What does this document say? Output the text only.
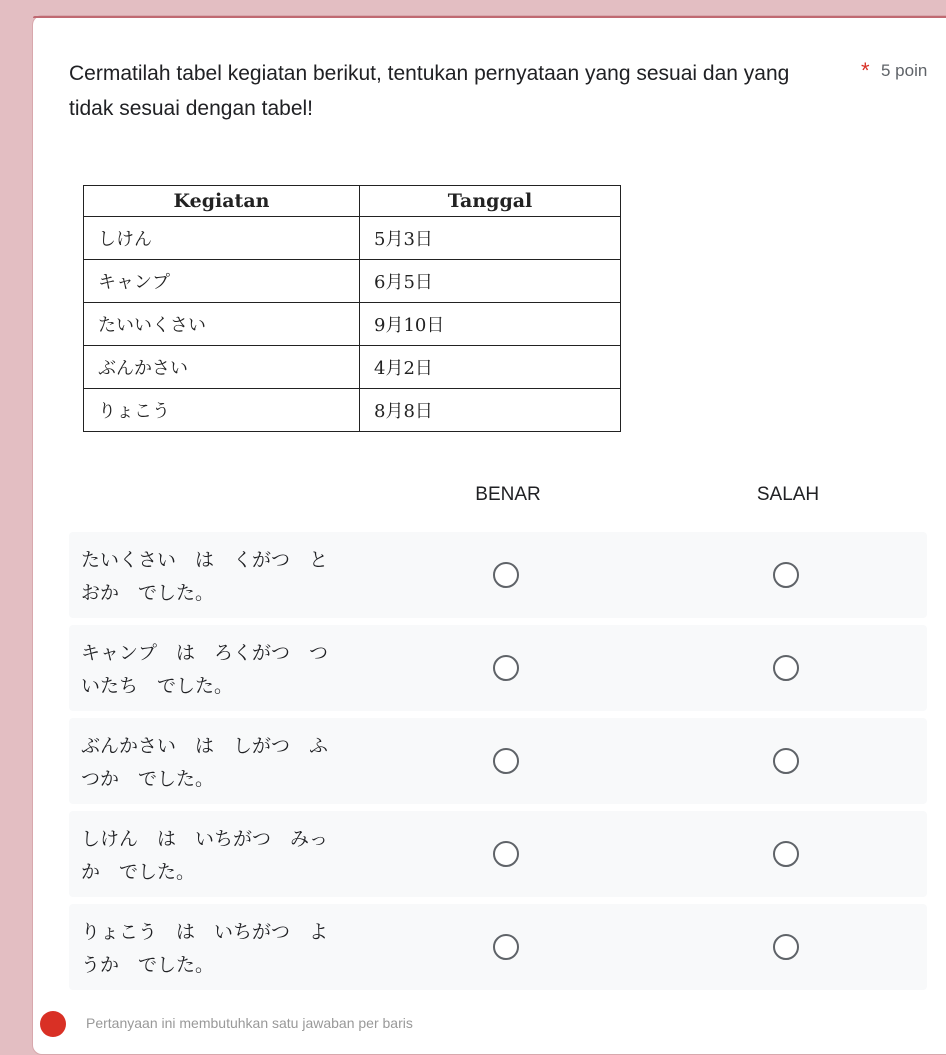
Cermatilah tabel kegiatan berikut, tentukan pernyataan yang sesuai dan yang tidak sesuai dengan tabel!
* 5 poin
Kegiatan	Tanggal
しけん	5月3日
キャンプ	6月5日
たいいくさい	9月10日
ぶんかさい	4月2日
りょこう	8月8日
BENAR	SALAH
たいくさい　は　くがつ　とおか　でした。
キャンプ　は　ろくがつ　ついたち　でした。
ぶんかさい　は　しがつ　ふつか　でした。
しけん　は　いちがつ　みっか　でした。
りょこう　は　いちがつ　ようか　でした。
Pertanyaan ini membutuhkan satu jawaban per baris
